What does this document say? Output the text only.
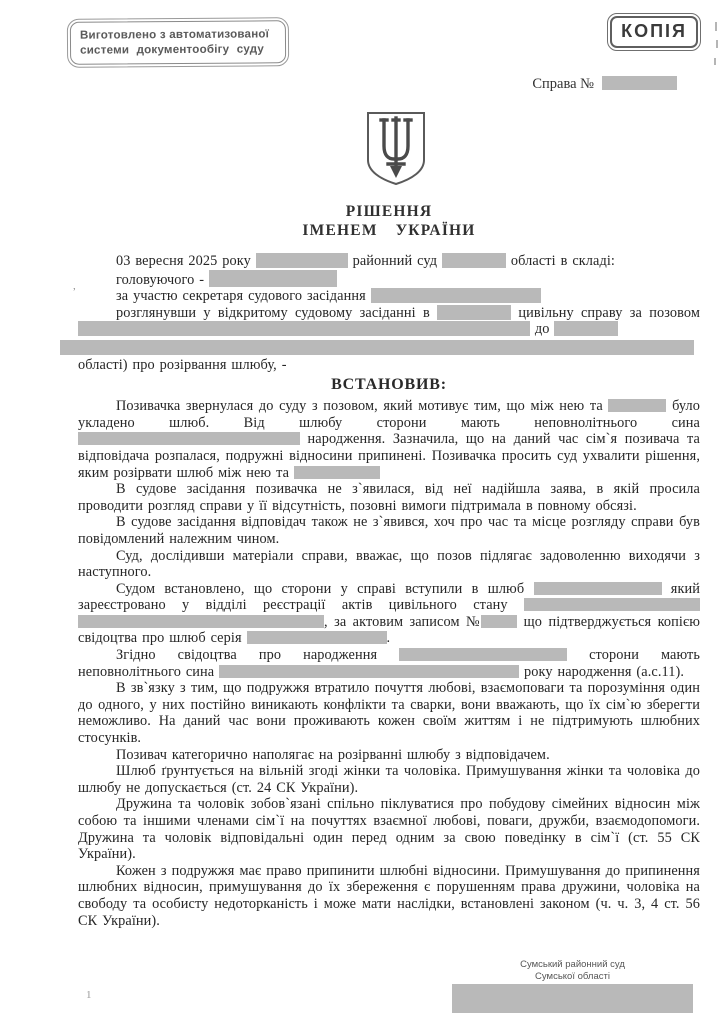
Виготовлено з автоматизованої
системи документообігу суду
КОПІЯ
Справа №
РІШЕННЯ
ІМЕНЕМ УКРАЇНИ

03 вересня 2025 року	районний суд	області в складі:

головуючого -

за участю секретаря судового засідання

розглянувши у відкритому судовому засіданні в	цивільну справу за позовом  до
області) про розірвання шлюбу, -

ВСТАНОВИВ:

Позивачка звернулася до суду з позовом, який мотивує тим, що між нею та	було укладено шлюб. Від шлюбу сторони мають неповнолітнього сина  народження. Зазначила, що на даний час сім`я позивача та відповідача розпалася, подружні відносини припинені. Позивачка просить суд ухвалити рішення, яким розірвати шлюб між нею та

В судове засідання позивачка не з`явилася, від неї надійшла заява, в якій просила проводити розгляд справи у її відсутність, позовні вимоги підтримала в повному обсязі.

В судове засідання відповідач також не з`явився, хоч про час та місце розгляду справи був повідомлений належним чином.

Суд, дослідивши матеріали справи, вважає, що позов підлягає задоволенню виходячи з наступного.

Судом встановлено, що сторони у справі вступили в шлюб	який зареєстровано у відділі реєстрації актів цивільного стану , за актовим записом №	що підтверджується копією свідоцтва про шлюб серія	.

Згідно свідоцтва про народження	сторони мають неповнолітнього сина	року народження (а.с.11).

В зв`язку з тим, що подружжя втратило почуття любові, взаємоповаги та порозуміння один до одного, у них постійно виникають конфлікти та сварки, вони вважають, що їх сім`ю зберегти неможливо. На даний час вони проживають кожен своїм життям і не підтримують шлюбних стосунків.

Позивач категорично наполягає на розірванні шлюбу з відповідачем.

Шлюб ґрунтується на вільній згоді жінки та чоловіка. Примушування жінки та чоловіка до шлюбу не допускається (ст. 24 СК України).

Дружина та чоловік зобов`язані спільно піклуватися про побудову сімейних відносин між собою та іншими членами сім`ї на почуттях взаємної любові, поваги, дружби, взаємодопомоги. Дружина та чоловік відповідальні один перед одним за свою поведінку в сім`ї (ст. 55 СК України).

Кожен з подружжя має право припинити шлюбні відносини. Примушування до припинення шлюбних відносин, примушування до їх збереження є порушенням права дружини, чоловіка на свободу та особисту недоторканість і може мати наслідки, встановлені законом (ч. ч. 3, 4 ст. 56 СК України).

Сумський районний суд
Сумської області
1
,
